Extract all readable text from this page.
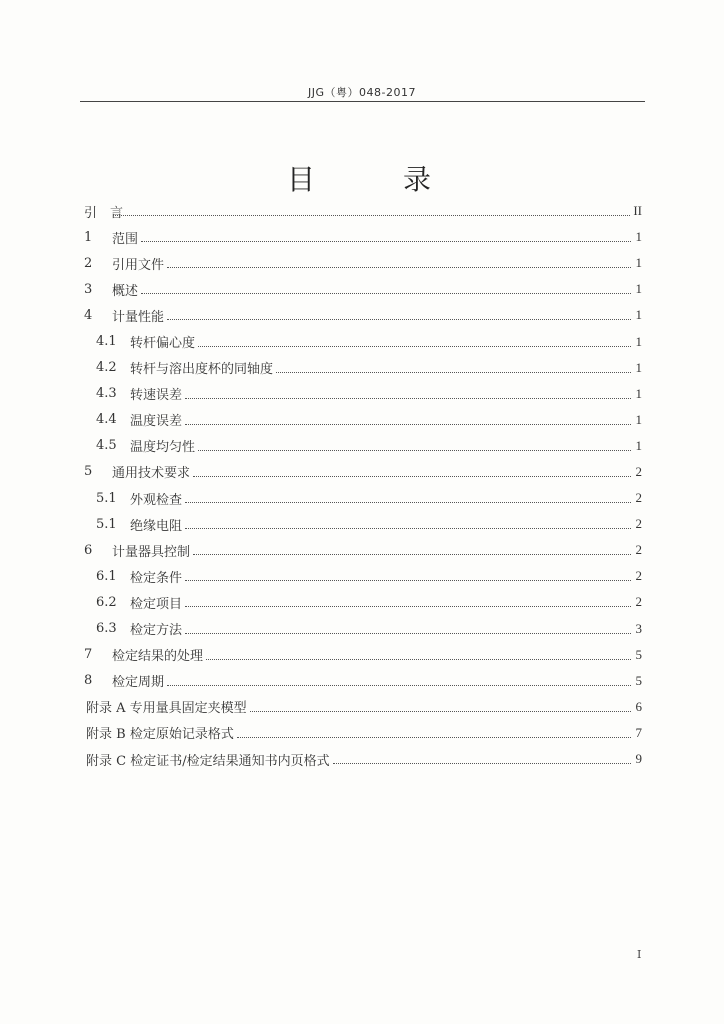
JJG（粤）048-2017
目　录
引　言	II
1	范围	1
2	引用文件	1
3	概述	1
4	计量性能	1
4.1	转杆偏心度	1
4.2	转杆与溶出度杯的同轴度	1
4.3	转速误差	1
4.4	温度误差	1
4.5	温度均匀性	1
5	通用技术要求	2
5.1	外观检查	2
5.1	绝缘电阻	2
6	计量器具控制	2
6.1	检定条件	2
6.2	检定项目	2
6.3	检定方法	3
7	检定结果的处理	5
8	检定周期	5
附录 A 专用量具固定夹模型	6
附录 B 检定原始记录格式	7
附录 C 检定证书/检定结果通知书内页格式	9
I
